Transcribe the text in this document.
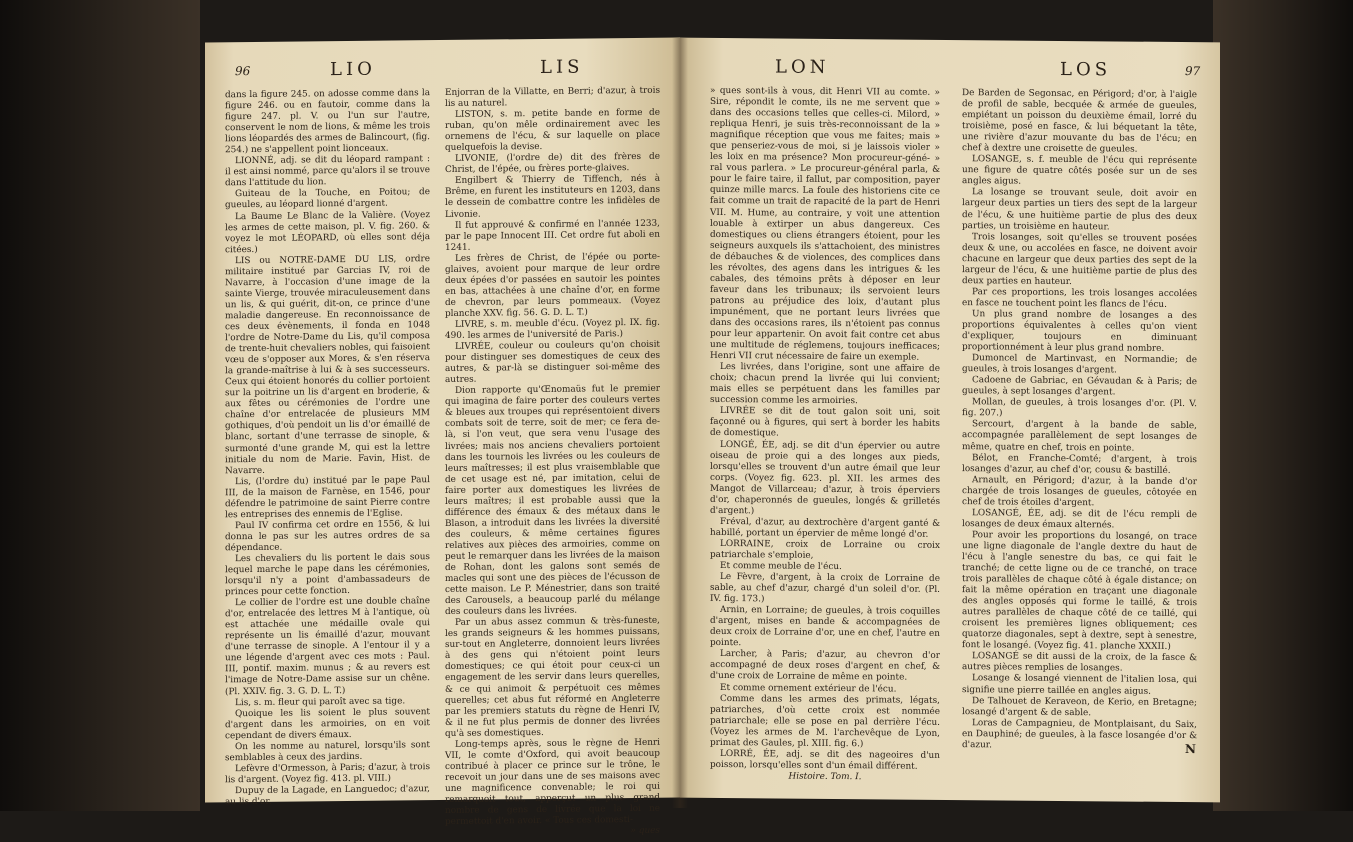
96	LIO	LIS

dans la figure 245. on adosse comme dans la figure 246. ou en fautoir, comme dans la figure 247. pl. V. ou l'un sur l'autre, conservent le nom de lions, & même les trois lions léopardés des armes de Balincourt, (fig. 254.) ne s'appellent point lionceaux.

LIONNÉ, adj. se dit du léopard rampant : il est ainsi nommé, parce qu'alors il se trouve dans l'attitude du lion.

Guiteau de la Touche, en Poitou; de gueules, au léopard lionné d'argent.

La Baume Le Blanc de la Valière. (Voyez les armes de cette maison, pl. V. fig. 260. & voyez le mot LÉOPARD, où elles sont déja citées.)

LIS ou NOTRE-DAME DU LIS, ordre militaire institué par Garcias IV, roi de Navarre, à l'occasion d'une image de la sainte Vierge, trouvée miraculeusement dans un lis, & qui guérit, dit-on, ce prince d'une maladie dangereuse. En reconnoissance de ces deux évènements, il fonda en 1048 l'ordre de Notre-Dame du Lis, qu'il composa de trente-huit chevaliers nobles, qui faisoient vœu de s'opposer aux Mores, & s'en réserva la grande-maîtrise à lui & à ses successeurs. Ceux qui étoient honorés du collier portoient sur la poitrine un lis d'argent en broderie, & aux fêtes ou cérémonies de l'ordre une chaîne d'or entrelacée de plusieurs MM gothiques, d'où pendoit un lis d'or émaillé de blanc, sortant d'une terrasse de sinople, & surmonté d'une grande M, qui est la lettre initiale du nom de Marie. Favin, Hist. de Navarre.

Lis, (l'ordre du) institué par le pape Paul III, de la maison de Farnèse, en 1546, pour défendre le patrimoine de saint Pierre contre les entreprises des ennemis de l'Eglise.

Paul IV confirma cet ordre en 1556, & lui donna le pas sur les autres ordres de sa dépendance.

Les chevaliers du lis portent le dais sous lequel marche le pape dans les cérémonies, lorsqu'il n'y a point d'ambassadeurs de princes pour cette fonction.

Le collier de l'ordre est une double chaîne d'or, entrelacée des lettres M à l'antique, où est attachée une médaille ovale qui représente un lis émaillé d'azur, mouvant d'une terrasse de sinople. A l'entour il y a une légende d'argent avec ces mots : Paul. III, pontif. maxim. munus ; & au revers est l'image de Notre-Dame assise sur un chêne. (Pl. XXIV. fig. 3. G. D. L. T.)

Lis, s. m. fleur qui paroît avec sa tige.

Quoique les lis soient le plus souvent d'argent dans les armoiries, on en voit cependant de divers émaux.

On les nomme au naturel, lorsqu'ils sont semblables à ceux des jardins.

Lefèvre d'Ormesson, à Paris; d'azur, à trois lis d'argent. (Voyez fig. 413. pl. VIII.)

Dupuy de la Lagade, en Languedoc; d'azur, au lis d'or.

Enjorran de la Villatte, en Berri; d'azur, à trois lis au naturel.

LISTON, s. m. petite bande en forme de ruban, qu'on mêle ordinairement avec les ornemens de l'écu, & sur laquelle on place quelquefois la devise.

LIVONIE, (l'ordre de) dit des frères de Christ, de l'épée, ou frères porte-glaives.

Engilbert & Thierry de Tiffench, nés à Brême, en furent les instituteurs en 1203, dans le dessein de combattre contre les infidèles de Livonie.

Il fut approuvé & confirmé en l'année 1233, par le pape Innocent III. Cet ordre fut aboli en 1241.

Les frères de Christ, de l'épée ou porte-glaives, avoient pour marque de leur ordre deux épées d'or passées en sautoir les pointes en bas, attachées à une chaîne d'or, en forme de chevron, par leurs pommeaux. (Voyez planche XXV. fig. 56. G. D. L. T.)

LIVRE, s. m. meuble d'écu. (Voyez pl. IX. fig. 490. les armes de l'université de Paris.)

LIVRÉE, couleur ou couleurs qu'on choisit pour distinguer ses domestiques de ceux des autres, & par-là se distinguer soi-même des autres.

Dion rapporte qu'Œnomaüs fut le premier qui imagina de faire porter des couleurs vertes & bleues aux troupes qui représentoient divers combats soit de terre, soit de mer; ce fera de-là, si l'on veut, que sera venu l'usage des livrées; mais nos anciens chevaliers portoient dans les tournois les livrées ou les couleurs de leurs maîtresses; il est plus vraisemblable que de cet usage est né, par imitation, celui de faire porter aux domestiques les livrées de leurs maîtres; il est probable aussi que la différence des émaux & des métaux dans le Blason, a introduit dans les livrées la diversité des couleurs, & même certaines figures relatives aux pièces des armoiries, comme on peut le remarquer dans les livrées de la maison de Rohan, dont les galons sont semés de macles qui sont une des pièces de l'écusson de cette maison. Le P. Ménestrier, dans son traité des Carousels, a beaucoup parlé du mélange des couleurs dans les livrées.

Par un abus assez commun & très-funeste, les grands seigneurs & les hommes puissans, sur-tout en Angleterre, donnoient leurs livrées à des gens qui n'étoient point leurs domestiques; ce qui étoit pour ceux-ci un engagement de les servir dans leurs querelles, & ce qui animoit & perpétuoit ces mêmes querelles; cet abus fut réformé en Angleterre par les premiers statuts du règne de Henri IV, & il ne fut plus permis de donner des livrées qu'à ses domestiques.

Long-temps après, sous le règne de Henri VII, le comte d'Oxford, qui avoit beaucoup contribué à placer ce prince sur le trône, le recevoit un jour dans une de ses maisons avec une magnificence convenable; le roi qui remarquoit tout, apperçut un plus grand nombre de gens de livrée que la loi ne permettoit d'en avoir. « Tous ces domesti-

» ques
LON	LOS	97

» ques sont-ils à vous, dit Henri VII au comte. » Sire, répondit le comte, ils ne me servent que » dans des occasions telles que celles-ci. Milord, » repliqua Henri, je suis très-reconnoissant de la » magnifique réception que vous me faites; mais » que penseriez-vous de moi, si je laissois violer » les loix en ma présence? Mon procureur-géné- » ral vous parlera. » Le procureur-général parla, & pour le faire taire, il fallut, par composition, payer quinze mille marcs. La foule des historiens cite ce fait comme un trait de rapacité de la part de Henri VII. M. Hume, au contraire, y voit une attention louable à extirper un abus dangereux. Ces domestiques ou cliens étrangers étoient, pour les seigneurs auxquels ils s'attachoient, des ministres de débauches & de violences, des complices dans les révoltes, des agens dans les intrigues & les cabales, des témoins prêts à déposer en leur faveur dans les tribunaux; ils servoient leurs patrons au préjudice des loix, d'autant plus impunément, que ne portant leurs livrées que dans des occasions rares, ils n'étoient pas connus pour leur appartenir. On avoit fait contre cet abus une multitude de réglemens, toujours inefficaces; Henri VII crut nécessaire de faire un exemple.

Les livrées, dans l'origine, sont une affaire de choix; chacun prend la livrée qui lui convient; mais elles se perpétuent dans les familles par succession comme les armoiries.

LIVRÉE se dit de tout galon soit uni, soit façonné ou à figures, qui sert à border les habits de domestique.

LONGÉ, ÉE, adj. se dit d'un épervier ou autre oiseau de proie qui a des longes aux pieds, lorsqu'elles se trouvent d'un autre émail que leur corps. (Voyez fig. 623. pl. XII. les armes des Mangot de Villarceau; d'azur, à trois éperviers d'or, chaperonnés de gueules, longés & grilletés d'argent.)

Fréval, d'azur, au dextrochère d'argent ganté & habillé, portant un épervier de même longé d'or.

LORRAINE, croix de Lorraine ou croix patriarchale s'emploie,

Et comme meuble de l'écu.

Le Fèvre, d'argent, à la croix de Lorraine de sable, au chef d'azur, chargé d'un soleil d'or. (Pl. IV. fig. 173.)

Arnin, en Lorraine; de gueules, à trois coquilles d'argent, mises en bande & accompagnées de deux croix de Lorraine d'or, une en chef, l'autre en pointe.

Larcher, à Paris; d'azur, au chevron d'or accompagné de deux roses d'argent en chef, & d'une croix de Lorraine de même en pointe.

Et comme ornement extérieur de l'écu.

Comme dans les armes des primats, légats, patriarches, d'où cette croix est nommée patriarchale; elle se pose en pal derrière l'écu. (Voyez les armes de M. l'archevêque de Lyon, primat des Gaules, pl. XIII. fig. 6.)

LORRÉ, ÉE, adj. se dit des nageoires d'un poisson, lorsqu'elles sont d'un émail différent.

Histoire. Tom. I.

De Barden de Segonsac, en Périgord; d'or, à l'aigle de profil de sable, becquée & armée de gueules, empiétant un poisson du deuxième émail, lorré du troisième, posé en fasce, & lui béquetant la tête, une rivière d'azur mouvante du bas de l'écu; en chef à dextre une croisette de gueules.

LOSANGE, s. f. meuble de l'écu qui représente une figure de quatre côtés posée sur un de ses angles aigus.

La losange se trouvant seule, doit avoir en largeur deux parties un tiers des sept de la largeur de l'écu, & une huitième partie de plus des deux parties, un troisième en hauteur.

Trois losanges, soit qu'elles se trouvent posées deux & une, ou accolées en fasce, ne doivent avoir chacune en largeur que deux parties des sept de la largeur de l'écu, & une huitième partie de plus des deux parties en hauteur.

Par ces proportions, les trois losanges accolées en fasce ne touchent point les flancs de l'écu.

Un plus grand nombre de losanges a des proportions équivalentes à celles qu'on vient d'expliquer, toujours en diminuant proportionnément à leur plus grand nombre.

Dumoncel de Martinvast, en Normandie; de gueules, à trois losanges d'argent.

Cadoene de Gabriac, en Gévaudan & à Paris; de gueules, à sept losanges d'argent.

Mollan, de gueules, à trois losanges d'or. (Pl. V. fig. 207.)

Sercourt, d'argent à la bande de sable, accompagnée parallèlement de sept losanges de même, quatre en chef, trois en pointe.

Bélot, en Franche-Comté; d'argent, à trois losanges d'azur, au chef d'or, cousu & bastillé.

Arnault, en Périgord; d'azur, à la bande d'or chargée de trois losanges de gueules, côtoyée en chef de trois étoiles d'argent.

LOSANGÉ, ÉE, adj. se dit de l'écu rempli de losanges de deux émaux alternés.

Pour avoir les proportions du losangé, on trace une ligne diagonale de l'angle dextre du haut de l'écu à l'angle senestre du bas, ce qui fait le tranché; de cette ligne ou de ce tranché, on trace trois parallèles de chaque côté à égale distance; on fait la même opération en traçant une diagonale des angles opposés qui forme le taillé, & trois autres parallèles de chaque côté de ce taillé, qui croisent les premières lignes obliquement; ces quatorze diagonales, sept à dextre, sept à senestre, font le losangé. (Voyez fig. 41. planche XXXII.)

LOSANGÉ se dit aussi de la croix, de la fasce & autres pièces remplies de losanges.

Losange & losangé viennent de l'italien losa, qui signifie une pierre taillée en angles aigus.

De Talhouet de Keraveon, de Kerio, en Bretagne; losangé d'argent & de sable.

Loras de Campagnieu, de Montplaisant, du Saix, en Dauphiné; de gueules, à la fasce losangée d'or & d'azur.	N
